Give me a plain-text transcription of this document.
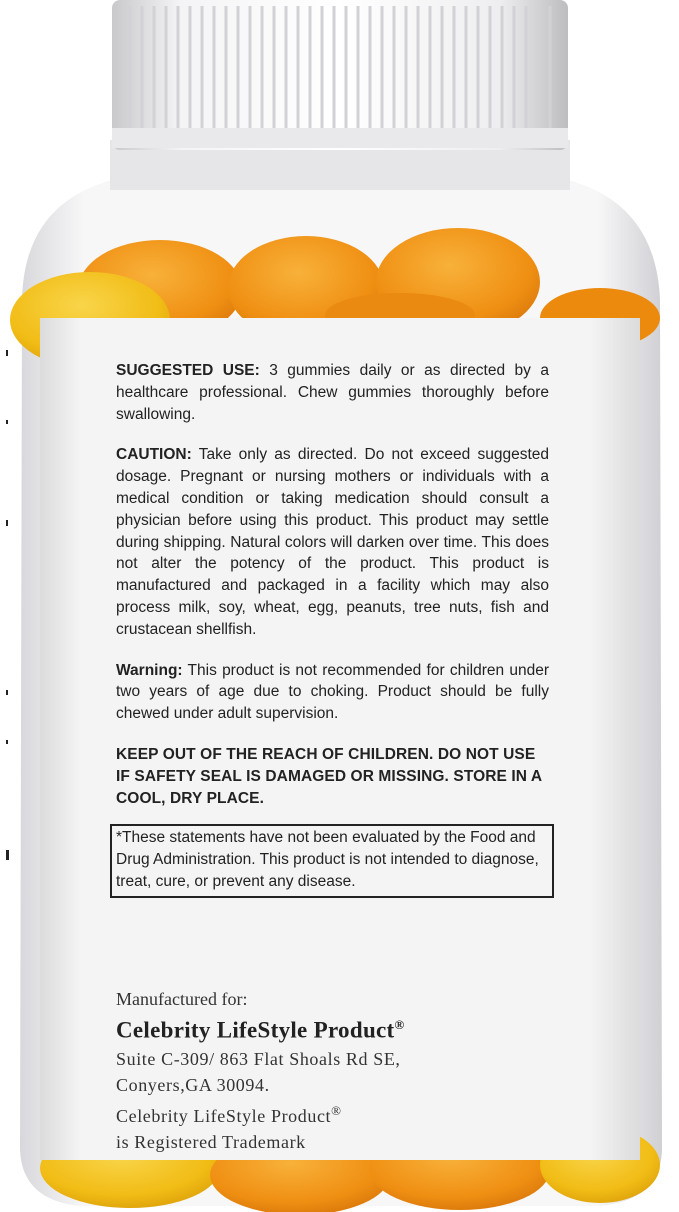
SUGGESTED USE: 3 gummies daily or as directed by a healthcare professional. Chew gummies thoroughly before swallowing.

CAUTION: Take only as directed. Do not exceed suggested dosage. Pregnant or nursing mothers or individuals with a medical condition or taking medication should consult a physician before using this product. This product may settle during shipping. Natural colors will darken over time. This does not alter the potency of the product. This product is manufactured and packaged in a facility which may also process milk, soy, wheat, egg, peanuts, tree nuts, fish and crustacean shellfish.

Warning: This product is not recommended for children under two years of age due to choking. Product should be fully chewed under adult supervision.

KEEP OUT OF THE REACH OF CHILDREN. DO NOT USE IF SAFETY SEAL IS DAMAGED OR MISSING. STORE IN A COOL, DRY PLACE.

*These statements have not been evaluated by the Food and Drug Administration. This product is not intended to diagnose, treat, cure, or prevent any disease.
Manufactured for:
Celebrity LifeStyle Product®
Suite C-309/ 863 Flat Shoals Rd SE,
Conyers,GA 30094.
Celebrity LifeStyle Product®
is Registered Trademark
